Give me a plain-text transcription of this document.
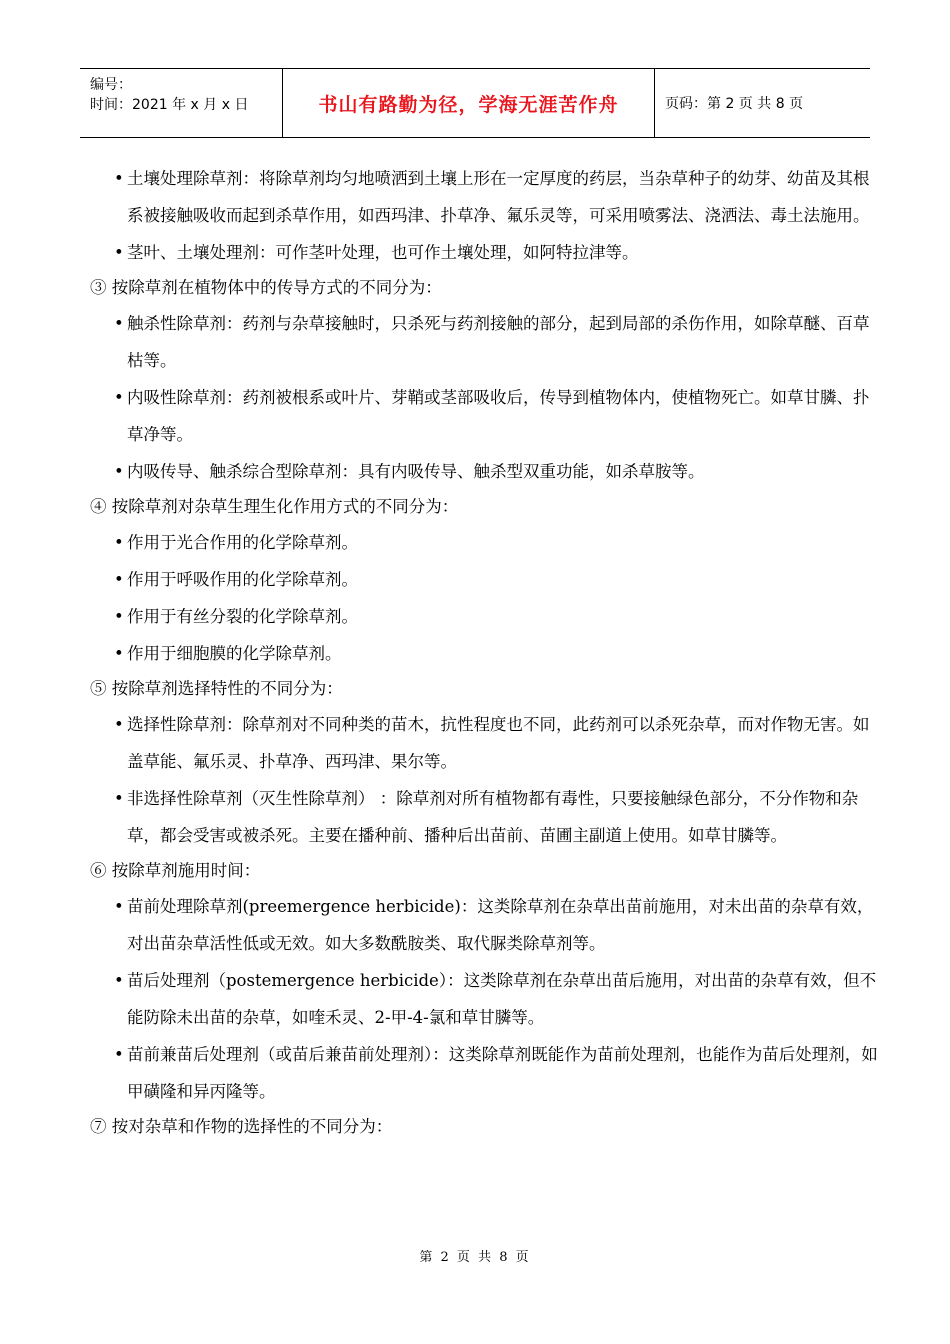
编号：
时间：2021 年 x 月 x 日	书山有路勤为径，学海无涯苦作舟	页码：第 2 页 共 8 页

• 土壤处理除草剂：将除草剂均匀地喷洒到土壤上形在一定厚度的药层，当杂草种子的幼芽、幼苗及其根系被接触吸收而起到杀草作用，如西玛津、扑草净、氟乐灵等，可采用喷雾法、浇洒法、毒土法施用。

• 茎叶、土壤处理剂：可作茎叶处理，也可作土壤处理，如阿特拉津等。

③ 按除草剂在植物体中的传导方式的不同分为：

• 触杀性除草剂：药剂与杂草接触时，只杀死与药剂接触的部分，起到局部的杀伤作用，如除草醚、百草枯等。

• 内吸性除草剂：药剂被根系或叶片、芽鞘或茎部吸收后，传导到植物体内，使植物死亡。如草甘膦、扑草净等。

• 内吸传导、触杀综合型除草剂：具有内吸传导、触杀型双重功能，如杀草胺等。

④ 按除草剂对杂草生理生化作用方式的不同分为：

• 作用于光合作用的化学除草剂。

• 作用于呼吸作用的化学除草剂。

• 作用于有丝分裂的化学除草剂。

• 作用于细胞膜的化学除草剂。

⑤ 按除草剂选择特性的不同分为：

• 选择性除草剂：除草剂对不同种类的苗木，抗性程度也不同，此药剂可以杀死杂草，而对作物无害。如盖草能、氟乐灵、扑草净、西玛津、果尔等。

• 非选择性除草剂（灭生性除草剂） ：除草剂对所有植物都有毒性，只要接触绿色部分，不分作物和杂草，都会受害或被杀死。主要在播种前、播种后出苗前、苗圃主副道上使用。如草甘膦等。

⑥ 按除草剂施用时间：

• 苗前处理除草剂(preemergence herbicide)：这类除草剂在杂草出苗前施用，对未出苗的杂草有效，对出苗杂草活性低或无效。如大多数酰胺类、取代脲类除草剂等。

• 苗后处理剂（postemergence herbicide）：这类除草剂在杂草出苗后施用，对出苗的杂草有效，但不能防除未出苗的杂草，如喹禾灵、2-甲-4-氯和草甘膦等。

• 苗前兼苗后处理剂（或苗后兼苗前处理剂）：这类除草剂既能作为苗前处理剂，也能作为苗后处理剂，如甲磺隆和异丙隆等。

⑦ 按对杂草和作物的选择性的不同分为：

第 2 页 共 8 页
